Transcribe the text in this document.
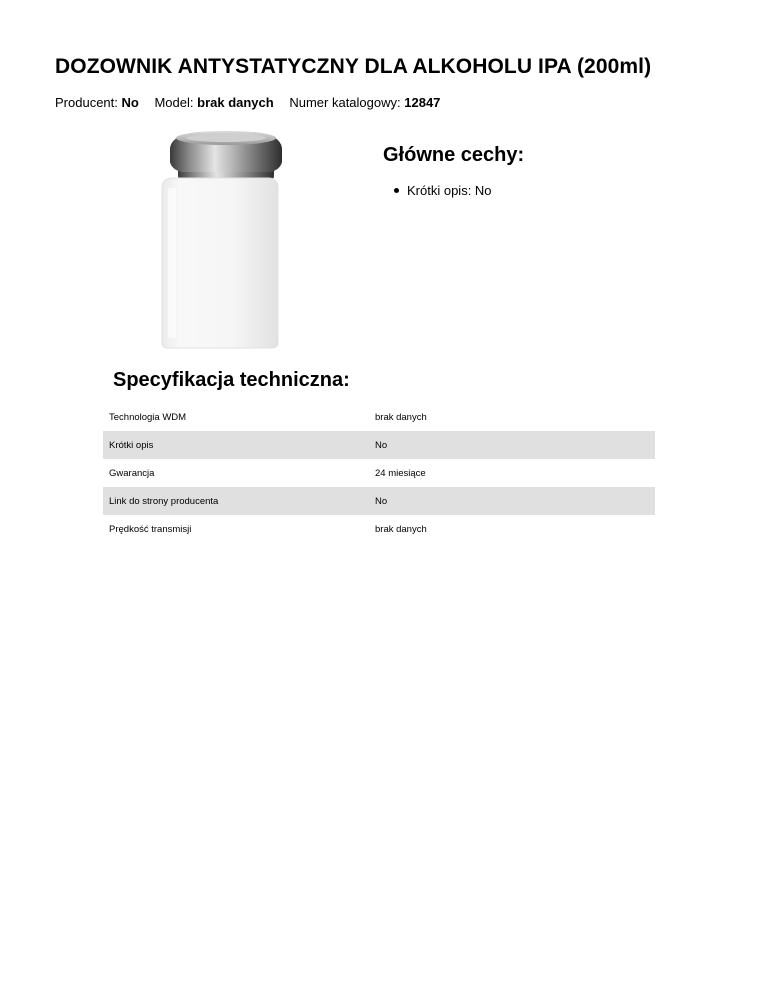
DOZOWNIK ANTYSTATYCZNY DLA ALKOHOLU IPA (200ml)
Producent: No Model: brak danych Numer katalogowy: 12847
Główne cechy:
Krótki opis: No
Specyfikacja techniczna:
Technologia WDM	brak danych
Krótki opis	No
Gwarancja	24 miesiące
Link do strony producenta	No
Prędkość transmisji	brak danych
